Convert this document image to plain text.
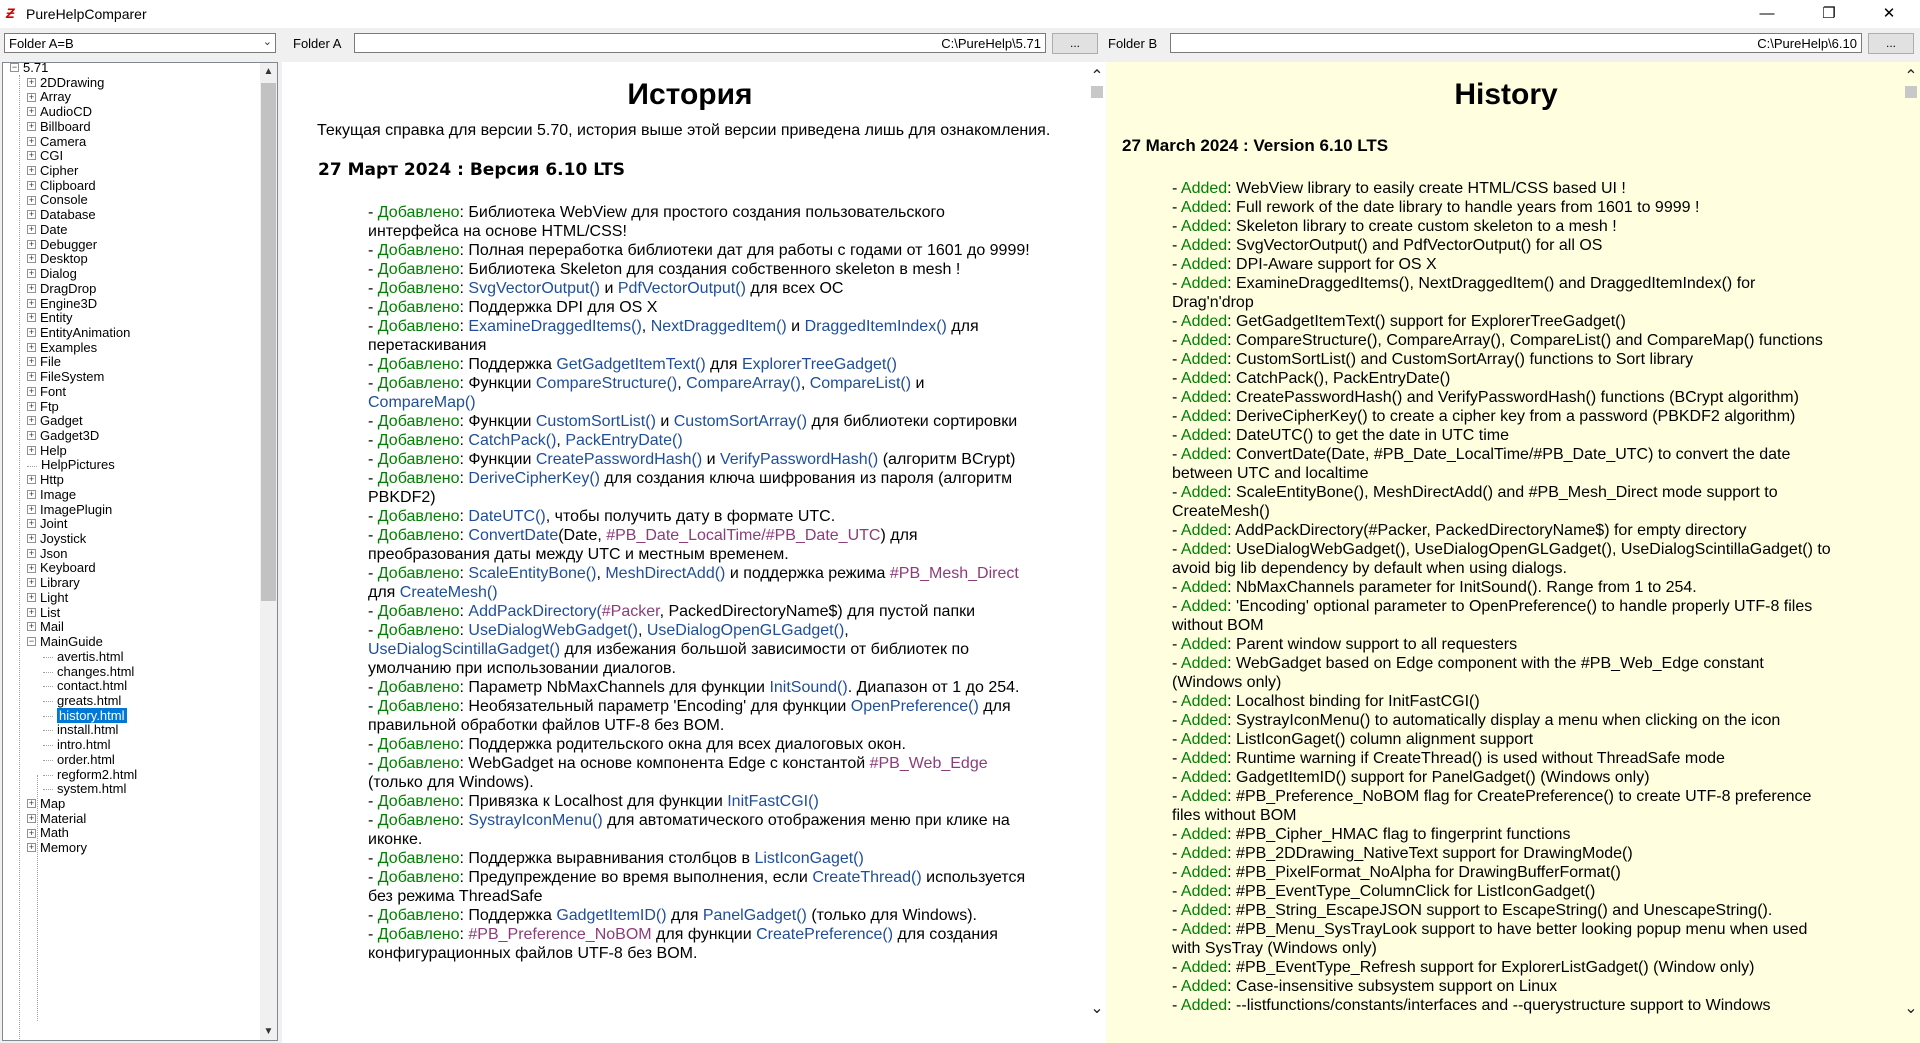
Ƶ PureHelpComparer	—	❐	✕
Folder A=B	⌄ Folder A	C:\PureHelp\5.71	...	Folder B	C:\PureHelp\6.10	...
▲
▼
− 5.71
+ 2DDrawing
+ Array
+ AudioCD
+ Billboard
+ Camera
+ CGI
+ Cipher
+ Clipboard
+ Console
+ Database
+ Date
+ Debugger
+ Desktop
+ Dialog
+ DragDrop
+ Engine3D
+ Entity
+ EntityAnimation
+ Examples
+ File
+ FileSystem
+ Font
+ Ftp
+ Gadget
+ Gadget3D
+ Help
HelpPictures
+ Http
+ Image
+ ImagePlugin
+ Joint
+ Joystick
+ Json
+ Keyboard
+ Library
+ Light
+ List
+ Mail
− MainGuide
avertis.html
changes.html
contact.html
greats.html
history.html
install.html
intro.html
order.html
regform2.html
system.html
+ Map
+ Material
+ Math
+ Memory
История

Текущая справка для версии 5.70, история выше этой версии приведена лишь для ознакомления.

27 Март 2024 : Версия 6.10 LTS
- Добавлено: Библиотека WebView для простого создания пользовательского интерфейса на основе HTML/CSS!
- Добавлено: Полная переработка библиотеки дат для работы с годами от 1601 до 9999!
- Добавлено: Библиотека Skeleton для создания собственного skeleton в mesh !
- Добавлено: SvgVectorOutput() и PdfVectorOutput() для всех ОС
- Добавлено: Поддержка DPI для OS X
- Добавлено: ExamineDraggedItems(), NextDraggedItem() и DraggedItemIndex() для перетаскивания
- Добавлено: Поддержка GetGadgetItemText() для ExplorerTreeGadget()
- Добавлено: Функции CompareStructure(), CompareArray(), CompareList() и CompareMap()
- Добавлено: Функции CustomSortList() и CustomSortArray() для библиотеки сортировки
- Добавлено: CatchPack(), PackEntryDate()
- Добавлено: Функции CreatePasswordHash() и VerifyPasswordHash() (алгоритм BCrypt)
- Добавлено: DeriveCipherKey() для создания ключа шифрования из пароля (алгоритм PBKDF2)
- Добавлено: DateUTC(), чтобы получить дату в формате UTC.
- Добавлено: ConvertDate(Date, #PB_Date_LocalTime/#PB_Date_UTC) для преобразования даты между UTC и местным временем.
- Добавлено: ScaleEntityBone(), MeshDirectAdd() и поддержка режима #PB_Mesh_Direct для CreateMesh()
- Добавлено: AddPackDirectory(#Packer, PackedDirectoryName$) для пустой папки
- Добавлено: UseDialogWebGadget(), UseDialogOpenGLGadget(), UseDialogScintillaGadget() для избежания большой зависимости от библиотек по умолчанию при использовании диалогов.
- Добавлено: Параметр NbMaxChannels для функции InitSound(). Диапазон от 1 до 254.
- Добавлено: Необязательный параметр 'Encoding' для функции OpenPreference() для правильной обработки файлов UTF-8 без BOM.
- Добавлено: Поддержка родительского окна для всех диалоговых окон.
- Добавлено: WebGadget на основе компонента Edge с константой #PB_Web_Edge (только для Windows).
- Добавлено: Привязка к Localhost для функции InitFastCGI()
- Добавлено: SystrayIconMenu() для автоматического отображения меню при клике на иконке.
- Добавлено: Поддержка выравнивания столбцов в ListIconGaget()
- Добавлено: Предупреждение во время выполнения, если CreateThread() используется без режима ThreadSafe
- Добавлено: Поддержка GadgetItemID() для PanelGadget() (только для Windows).
- Добавлено: #PB_Preference_NoBOM для функции CreatePreference() для создания конфигурационных файлов UTF-8 без BOM.
⌃
⌄
History
27 March 2024 : Version 6.10 LTS
- Added: WebView library to easily create HTML/CSS based UI !
- Added: Full rework of the date library to handle years from 1601 to 9999 !
- Added: Skeleton library to create custom skeleton to a mesh !
- Added: SvgVectorOutput() and PdfVectorOutput() for all OS
- Added: DPI-Aware support for OS X
- Added: ExamineDraggedItems(), NextDraggedItem() and DraggedItemIndex() for Drag'n'drop
- Added: GetGadgetItemText() support for ExplorerTreeGadget()
- Added: CompareStructure(), CompareArray(), CompareList() and CompareMap() functions
- Added: CustomSortList() and CustomSortArray() functions to Sort library
- Added: CatchPack(), PackEntryDate()
- Added: CreatePasswordHash() and VerifyPasswordHash() functions (BCrypt algorithm)
- Added: DeriveCipherKey() to create a cipher key from a password (PBKDF2 algorithm)
- Added: DateUTC() to get the date in UTC time
- Added: ConvertDate(Date, #PB_Date_LocalTime/#PB_Date_UTC) to convert the date between UTC and localtime
- Added: ScaleEntityBone(), MeshDirectAdd() and #PB_Mesh_Direct mode support to CreateMesh()
- Added: AddPackDirectory(#Packer, PackedDirectoryName$) for empty directory
- Added: UseDialogWebGadget(), UseDialogOpenGLGadget(), UseDialogScintillaGadget() to avoid big lib dependency by default when using dialogs.
- Added: NbMaxChannels parameter for InitSound(). Range from 1 to 254.
- Added: 'Encoding' optional parameter to OpenPreference() to handle properly UTF-8 files without BOM
- Added: Parent window support to all requesters
- Added: WebGadget based on Edge component with the #PB_Web_Edge constant (Windows only)
- Added: Localhost binding for InitFastCGI()
- Added: SystrayIconMenu() to automatically display a menu when clicking on the icon
- Added: ListIconGaget() column alignment support
- Added: Runtime warning if CreateThread() is used without ThreadSafe mode
- Added: GadgetItemID() support for PanelGadget() (Windows only)
- Added: #PB_Preference_NoBOM flag for CreatePreference() to create UTF-8 preference files without BOM
- Added: #PB_Cipher_HMAC flag to fingerprint functions
- Added: #PB_2DDrawing_NativeText support for DrawingMode()
- Added: #PB_PixelFormat_NoAlpha for DrawingBufferFormat()
- Added: #PB_EventType_ColumnClick for ListIconGadget()
- Added: #PB_String_EscapeJSON support to EscapeString() and UnescapeString().
- Added: #PB_Menu_SysTrayLook support to have better looking popup menu when used with SysTray (Windows only)
- Added: #PB_EventType_Refresh support for ExplorerListGadget() (Window only)
- Added: Case-insensitive subsystem support on Linux
- Added: --listfunctions/constants/interfaces and --querystructure support to Windows
⌃
⌄
